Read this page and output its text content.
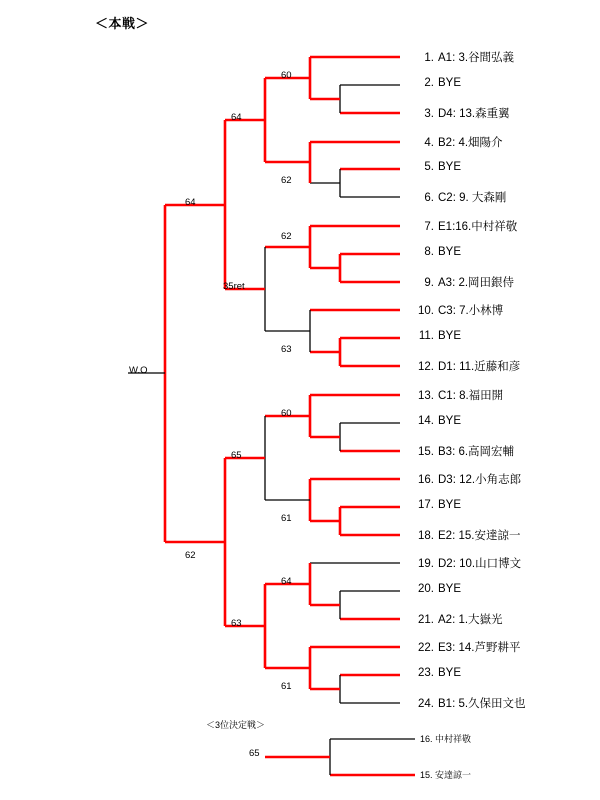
＜本戦＞
1. A1: 3.谷間弘義
2. BYE
3. D4: 13.森重翼
4. B2: 4.畑陽介
5. BYE
6. C2: 9. 大森剛
7. E1:16.中村祥敬
8. BYE
9. A3: 2.岡田銀侍
10. C3: 7.小林博
11. BYE
12. D1: 11.近藤和彦
13. C1: 8.福田開
14. BYE
15. B3: 6.高岡宏輔
16. D3: 12.小角志郎
17. BYE
18. E2: 15.安達諒一
19. D2: 10.山口博文
20. BYE
21. A2: 1.大嶽光
22. E3: 14.芦野耕平
23. BYE
24. B1: 5.久保田文也
60
62
62
63
60
61
64
61
64
35ret
65
63
64
62
W.O
＜3位決定戦＞
65
16. 中村祥敬
15. 安達諒一
